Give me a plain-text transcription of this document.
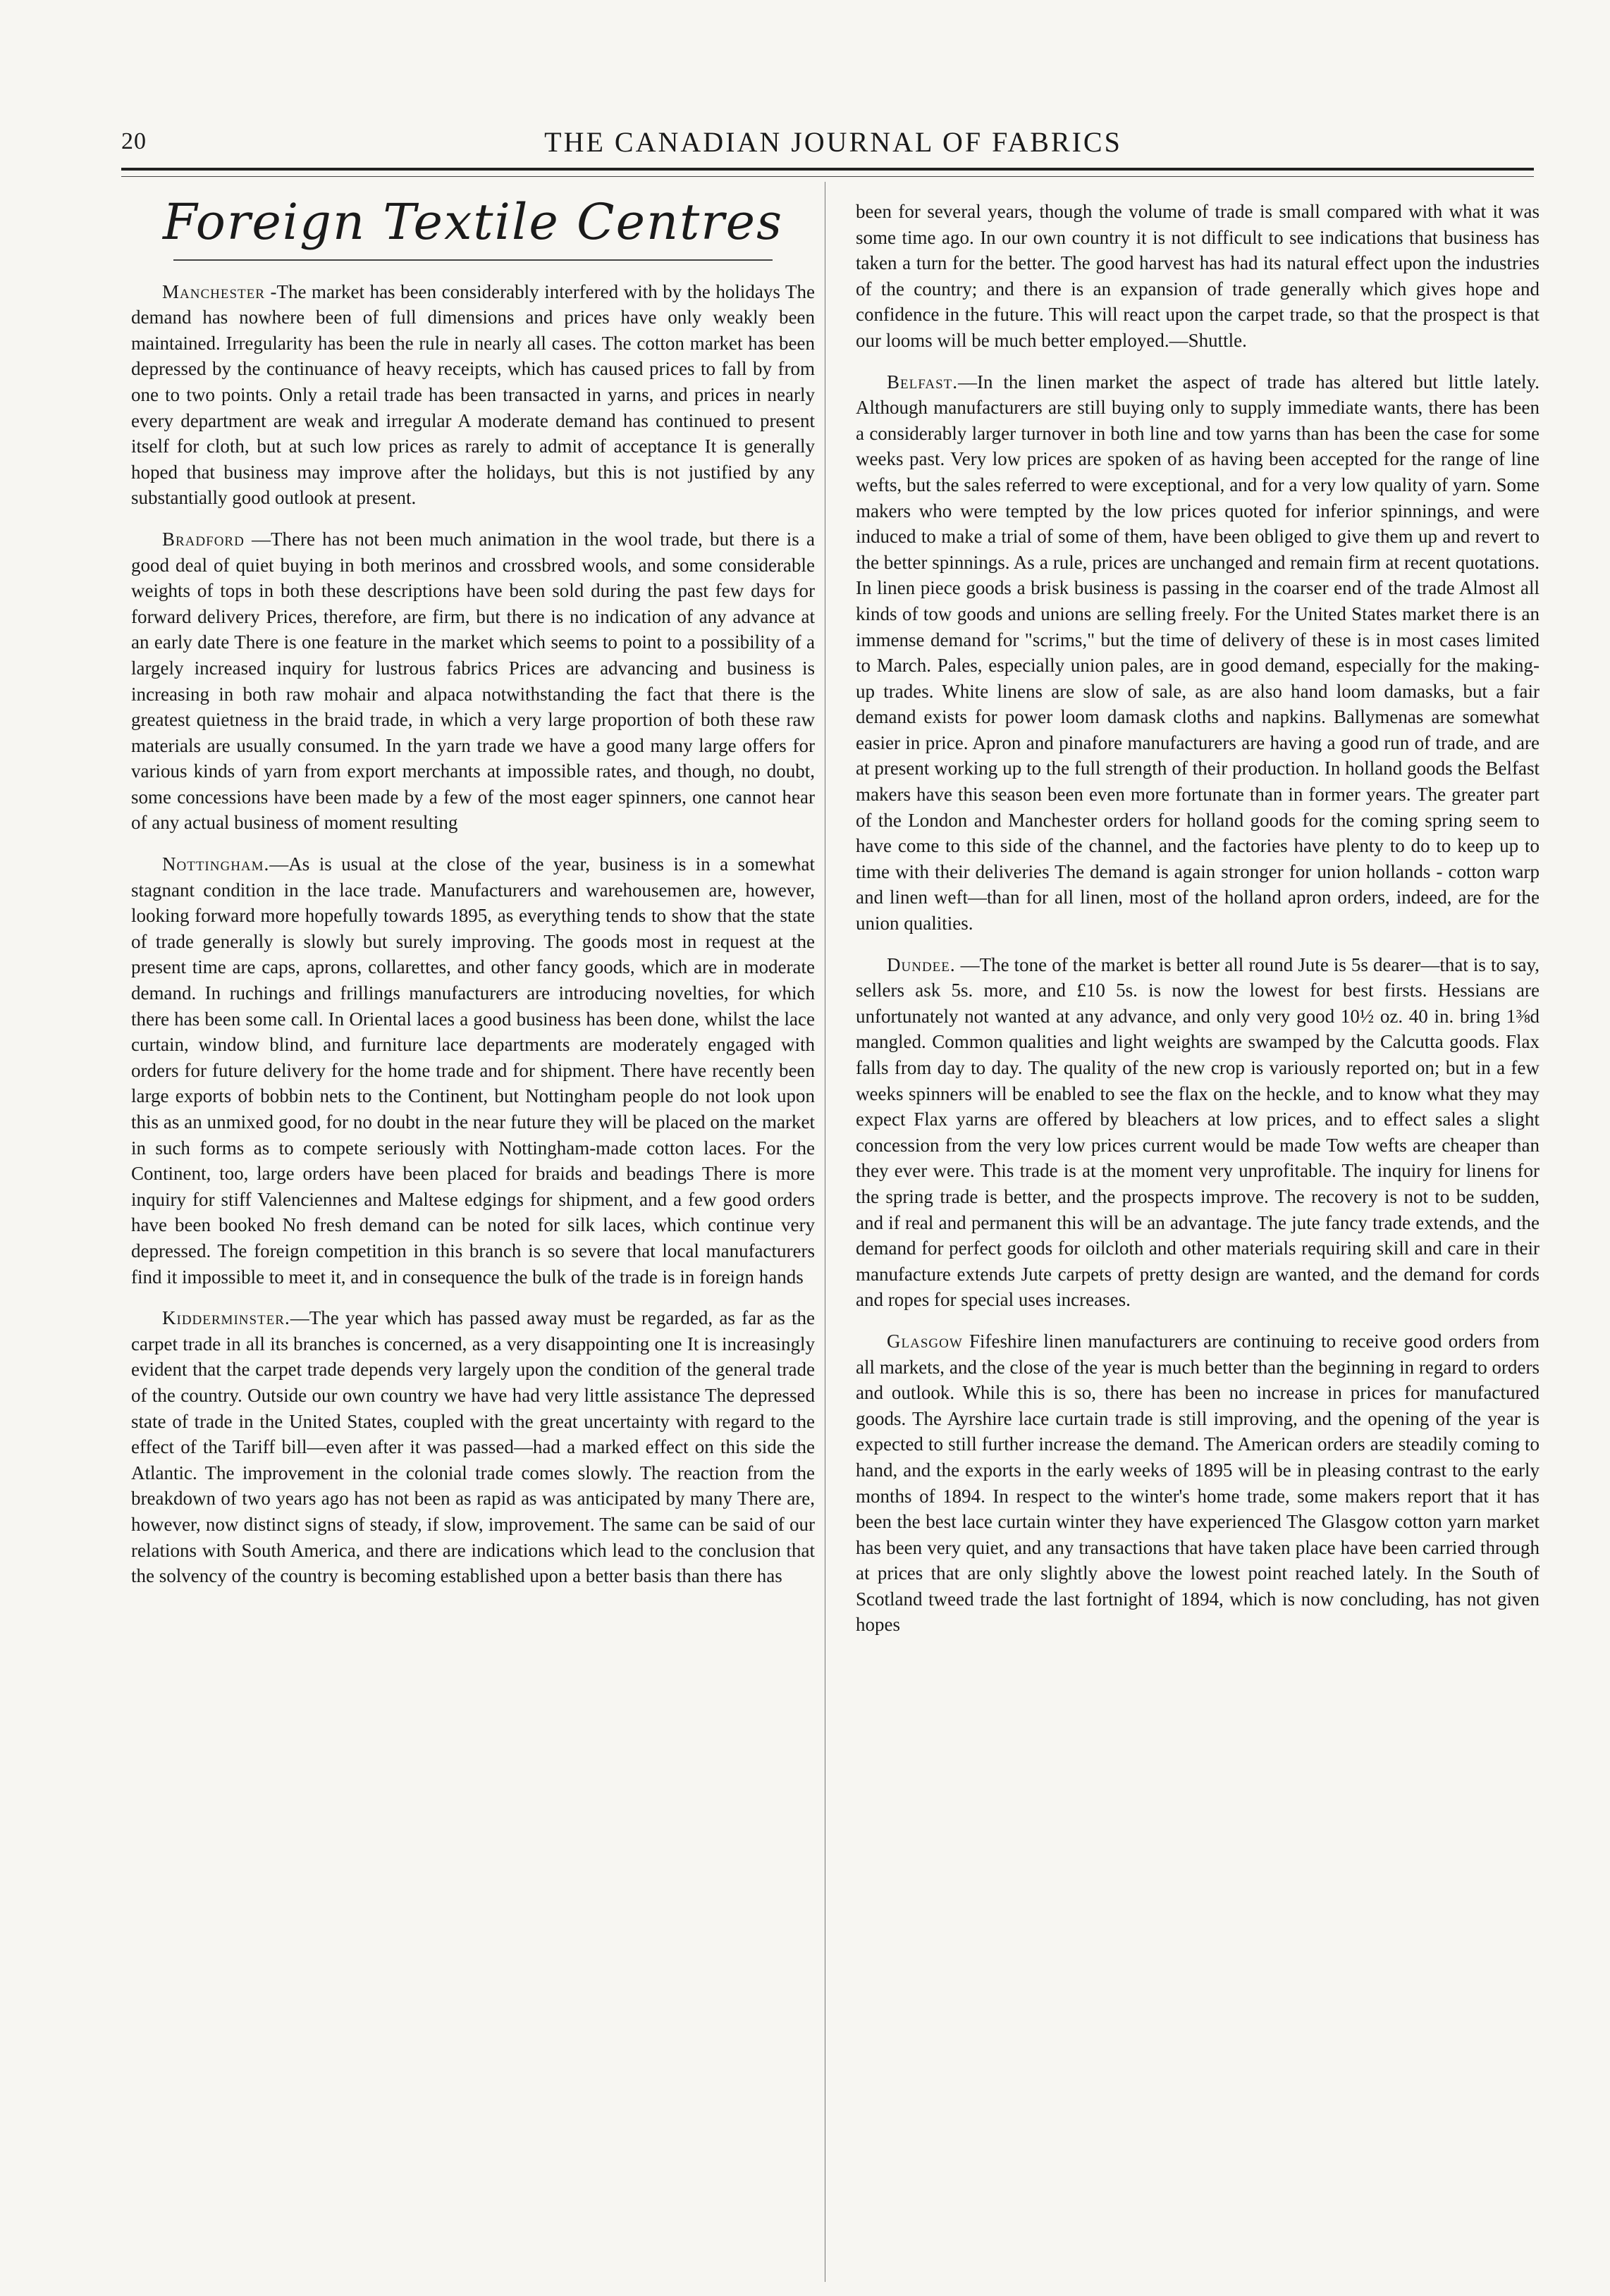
20	THE CANADIAN JOURNAL OF FABRICS
Foreign Textile Centres

Manchester -The market has been considerably interfered with by the holidays The demand has nowhere been of full dimensions and prices have only weakly been maintained. Irregularity has been the rule in nearly all cases. The cotton market has been depressed by the continuance of heavy receipts, which has caused prices to fall by from one to two points. Only a retail trade has been transacted in yarns, and prices in nearly every department are weak and irregular A moderate demand has continued to present itself for cloth, but at such low prices as rarely to admit of acceptance It is generally hoped that business may improve after the holidays, but this is not justified by any substantially good outlook at present.

Bradford —There has not been much animation in the wool trade, but there is a good deal of quiet buying in both merinos and crossbred wools, and some considerable weights of tops in both these descriptions have been sold during the past few days for forward delivery Prices, therefore, are firm, but there is no indication of any advance at an early date There is one feature in the market which seems to point to a possibility of a largely increased inquiry for lustrous fabrics Prices are advancing and business is increasing in both raw mohair and alpaca notwithstanding the fact that there is the greatest quietness in the braid trade, in which a very large proportion of both these raw materials are usually consumed. In the yarn trade we have a good many large offers for various kinds of yarn from export merchants at impossible rates, and though, no doubt, some concessions have been made by a few of the most eager spinners, one cannot hear of any actual business of moment resulting

Nottingham.—As is usual at the close of the year, business is in a somewhat stagnant condition in the lace trade. Manufacturers and warehousemen are, however, looking forward more hopefully towards 1895, as everything tends to show that the state of trade generally is slowly but surely improving. The goods most in request at the present time are caps, aprons, collarettes, and other fancy goods, which are in moderate demand. In ruchings and frillings manufacturers are introducing novelties, for which there has been some call. In Oriental laces a good business has been done, whilst the lace curtain, window blind, and furniture lace departments are moderately engaged with orders for future delivery for the home trade and for shipment. There have recently been large exports of bobbin nets to the Continent, but Nottingham people do not look upon this as an unmixed good, for no doubt in the near future they will be placed on the market in such forms as to compete seriously with Nottingham-made cotton laces. For the Continent, too, large orders have been placed for braids and beadings There is more inquiry for stiff Valenciennes and Maltese edgings for shipment, and a few good orders have been booked No fresh demand can be noted for silk laces, which continue very depressed. The foreign competition in this branch is so severe that local manufacturers find it impossible to meet it, and in consequence the bulk of the trade is in foreign hands

Kidderminster.—The year which has passed away must be regarded, as far as the carpet trade in all its branches is concerned, as a very disappointing one It is increasingly evident that the carpet trade depends very largely upon the condition of the general trade of the country. Outside our own country we have had very little assistance The depressed state of trade in the United States, coupled with the great uncertainty with regard to the effect of the Tariff bill—even after it was passed—had a marked effect on this side the Atlantic. The improvement in the colonial trade comes slowly. The reaction from the breakdown of two years ago has not been as rapid as was anticipated by many There are, however, now distinct signs of steady, if slow, improvement. The same can be said of our relations with South America, and there are indications which lead to the conclusion that the solvency of the country is becoming established upon a better basis than there has

been for several years, though the volume of trade is small compared with what it was some time ago. In our own country it is not difficult to see indications that business has taken a turn for the better. The good harvest has had its natural effect upon the industries of the country; and there is an expansion of trade generally which gives hope and confidence in the future. This will react upon the carpet trade, so that the prospect is that our looms will be much better employed.—Shuttle.

Belfast.—In the linen market the aspect of trade has altered but little lately. Although manufacturers are still buying only to supply immediate wants, there has been a considerably larger turnover in both line and tow yarns than has been the case for some weeks past. Very low prices are spoken of as having been accepted for the range of line wefts, but the sales referred to were exceptional, and for a very low quality of yarn. Some makers who were tempted by the low prices quoted for inferior spinnings, and were induced to make a trial of some of them, have been obliged to give them up and revert to the better spinnings. As a rule, prices are unchanged and remain firm at recent quotations. In linen piece goods a brisk business is passing in the coarser end of the trade Almost all kinds of tow goods and unions are selling freely. For the United States market there is an immense demand for "scrims," but the time of delivery of these is in most cases limited to March. Pales, especially union pales, are in good demand, especially for the making-up trades. White linens are slow of sale, as are also hand loom damasks, but a fair demand exists for power loom damask cloths and napkins. Ballymenas are somewhat easier in price. Apron and pinafore manufacturers are having a good run of trade, and are at present working up to the full strength of their production. In holland goods the Belfast makers have this season been even more fortunate than in former years. The greater part of the London and Manchester orders for holland goods for the coming spring seem to have come to this side of the channel, and the factories have plenty to do to keep up to time with their deliveries The demand is again stronger for union hollands - cotton warp and linen weft—than for all linen, most of the holland apron orders, indeed, are for the union qualities.

Dundee. —The tone of the market is better all round Jute is 5s dearer—that is to say, sellers ask 5s. more, and £10 5s. is now the lowest for best firsts. Hessians are unfortunately not wanted at any advance, and only very good 10½ oz. 40 in. bring 1⅜d mangled. Common qualities and light weights are swamped by the Calcutta goods. Flax falls from day to day. The quality of the new crop is variously reported on; but in a few weeks spinners will be enabled to see the flax on the heckle, and to know what they may expect Flax yarns are offered by bleachers at low prices, and to effect sales a slight concession from the very low prices current would be made Tow wefts are cheaper than they ever were. This trade is at the moment very unprofitable. The inquiry for linens for the spring trade is better, and the prospects improve. The recovery is not to be sudden, and if real and permanent this will be an advantage. The jute fancy trade extends, and the demand for perfect goods for oilcloth and other materials requiring skill and care in their manufacture extends Jute carpets of pretty design are wanted, and the demand for cords and ropes for special uses increases.

Glasgow Fifeshire linen manufacturers are continuing to receive good orders from all markets, and the close of the year is much better than the beginning in regard to orders and outlook. While this is so, there has been no increase in prices for manufactured goods. The Ayrshire lace curtain trade is still improving, and the opening of the year is expected to still further increase the demand. The American orders are steadily coming to hand, and the exports in the early weeks of 1895 will be in pleasing contrast to the early months of 1894. In respect to the winter's home trade, some makers report that it has been the best lace curtain winter they have experienced The Glasgow cotton yarn market has been very quiet, and any transactions that have taken place have been carried through at prices that are only slightly above the lowest point reached lately. In the South of Scotland tweed trade the last fortnight of 1894, which is now concluding, has not given hopes
